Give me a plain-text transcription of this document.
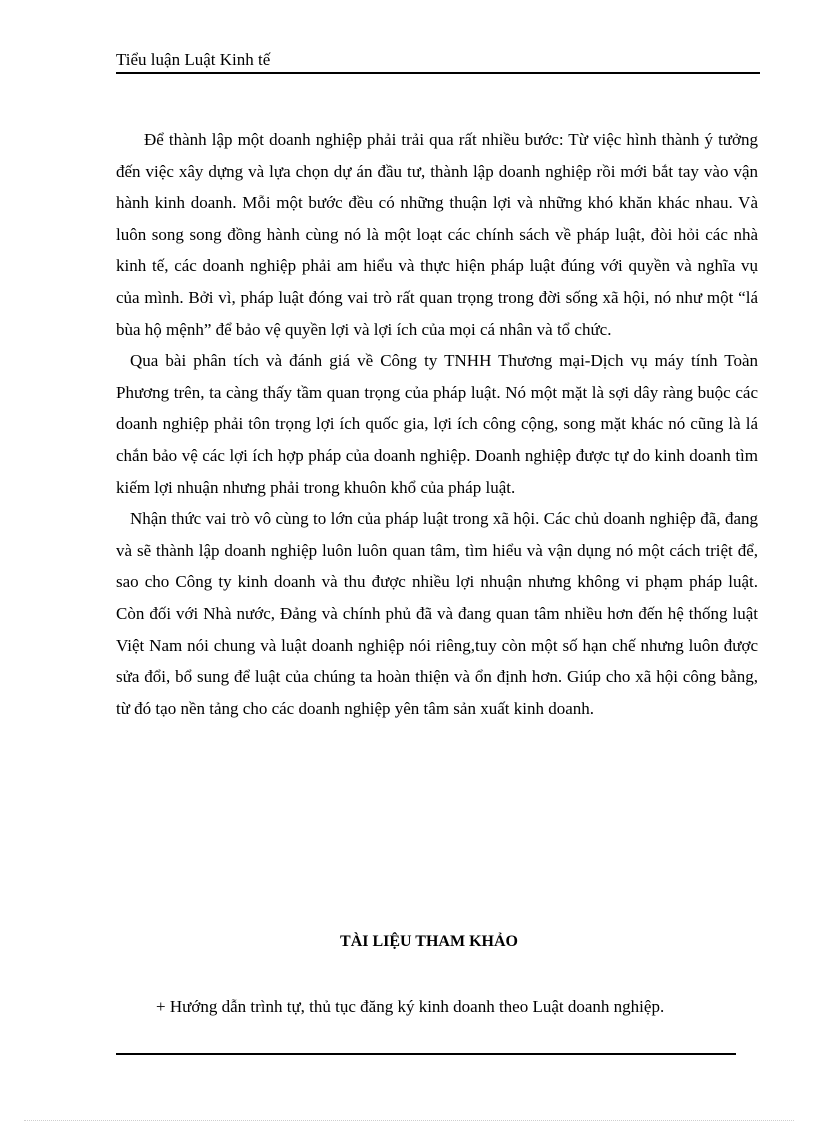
Tiểu luận Luật Kinh tế

Để thành lập một doanh nghiệp phải trải qua rất nhiều bước: Từ việc hình thành ý tưởng đến việc xây dựng và lựa chọn dự án đầu tư, thành lập doanh nghiệp rồi mới bắt tay vào vận hành kinh doanh. Mỗi một bước đều có những thuận lợi và những khó khăn khác nhau. Và luôn song song đồng hành cùng nó là một loạt các chính sách về pháp luật, đòi hỏi các nhà kinh tế, các doanh nghiệp phải am hiểu và thực hiện pháp luật đúng với quyền và nghĩa vụ của mình. Bởi vì, pháp luật đóng vai trò rất quan trọng trong đời sống xã hội, nó như một “lá bùa hộ mệnh” để bảo vệ quyền lợi và lợi ích của mọi cá nhân và tổ chức.

Qua bài phân tích và đánh giá về Công ty TNHH Thương mại-Dịch vụ máy tính Toàn Phương trên, ta càng thấy tầm quan trọng của pháp luật. Nó một mặt là sợi dây ràng buộc các doanh nghiệp phải tôn trọng lợi ích quốc gia, lợi ích công cộng, song mặt khác nó cũng là lá chắn bảo vệ các lợi ích hợp pháp của doanh nghiệp. Doanh nghiệp được tự do kinh doanh tìm kiếm lợi nhuận nhưng phải trong khuôn khổ của pháp luật.

Nhận thức vai trò vô cùng to lớn của pháp luật trong xã hội. Các chủ doanh nghiệp đã, đang và sẽ thành lập doanh nghiệp luôn luôn quan tâm, tìm hiểu và vận dụng nó một cách triệt để, sao cho Công ty kinh doanh và thu được nhiều lợi nhuận nhưng không vi phạm pháp luật. Còn đối với Nhà nước, Đảng và chính phủ đã và đang quan tâm nhiều hơn đến hệ thống luật Việt Nam nói chung và luật doanh nghiệp nói riêng,tuy còn một số hạn chế nhưng luôn được sửa đổi, bổ sung để luật của chúng ta hoàn thiện và ổn định hơn. Giúp cho xã hội công bằng, từ đó tạo nền tảng cho các doanh nghiệp yên tâm sản xuất kinh doanh.

TÀI LIỆU THAM KHẢO
+ Hướng dẫn trình tự, thủ tục đăng ký kinh doanh theo Luật doanh nghiệp.
